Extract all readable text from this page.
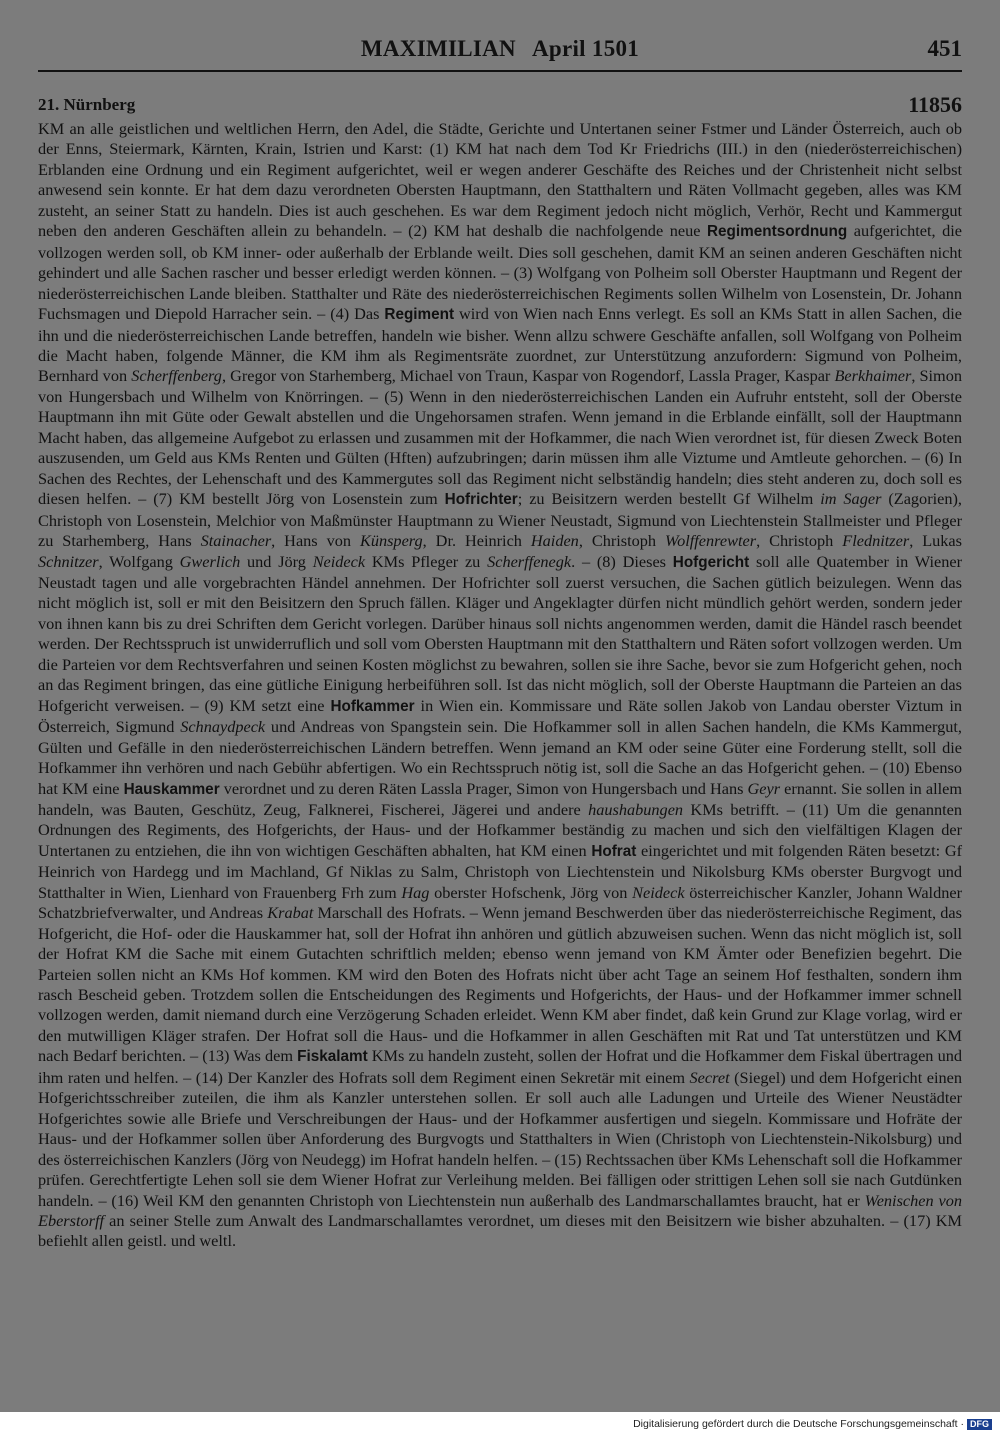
MAXIMILIAN April 1501	451
21. Nürnberg	11856

KM an alle geistlichen und weltlichen Herrn, den Adel, die Städte, Gerichte und Untertanen seiner Fstmer und Länder Österreich, auch ob der Enns, Steiermark, Kärnten, Krain, Istrien und Karst: (1) KM hat nach dem Tod Kr Friedrichs (III.) in den (niederösterreichischen) Erblanden eine Ordnung und ein Regiment aufgerichtet, weil er wegen anderer Geschäfte des Reiches und der Christenheit nicht selbst anwesend sein konnte. Er hat dem dazu verordneten Obersten Hauptmann, den Statthaltern und Räten Vollmacht gegeben, alles was KM zusteht, an seiner Statt zu handeln. Dies ist auch geschehen. Es war dem Regiment jedoch nicht möglich, Verhör, Recht und Kammergut neben den anderen Geschäften allein zu behandeln. – (2) KM hat deshalb die nachfolgende neue Regimentsordnung aufgerichtet, die vollzogen werden soll, ob KM inner- oder außerhalb der Erblande weilt. Dies soll geschehen, damit KM an seinen anderen Geschäften nicht gehindert und alle Sachen rascher und besser erledigt werden können. – (3) Wolfgang von Polheim soll Oberster Hauptmann und Regent der niederösterreichischen Lande bleiben. Statthalter und Räte des niederösterreichischen Regiments sollen Wilhelm von Losenstein, Dr. Johann Fuchsmagen und Diepold Harracher sein. – (4) Das Regiment wird von Wien nach Enns verlegt. Es soll an KMs Statt in allen Sachen, die ihn und die niederösterreichischen Lande betreffen, handeln wie bisher. Wenn allzu schwere Geschäfte anfallen, soll Wolfgang von Polheim die Macht haben, folgende Männer, die KM ihm als Regimentsräte zuordnet, zur Unterstützung anzufordern: Sigmund von Polheim, Bernhard von Scherffenberg, Gregor von Starhemberg, Michael von Traun, Kaspar von Rogendorf, Lassla Prager, Kaspar Berkhaimer, Simon von Hungersbach und Wilhelm von Knörringen. – (5) Wenn in den niederösterreichischen Landen ein Aufruhr entsteht, soll der Oberste Hauptmann ihn mit Güte oder Gewalt abstellen und die Ungehorsamen strafen. Wenn jemand in die Erblande einfällt, soll der Hauptmann Macht haben, das allgemeine Aufgebot zu erlassen und zusammen mit der Hofkammer, die nach Wien verordnet ist, für diesen Zweck Boten auszusenden, um Geld aus KMs Renten und Gülten (Hften) aufzubringen; darin müssen ihm alle Viztume und Amtleute gehorchen. – (6) In Sachen des Rechtes, der Lehenschaft und des Kammergutes soll das Regiment nicht selbständig handeln; dies steht anderen zu, doch soll es diesen helfen. – (7) KM bestellt Jörg von Losenstein zum Hofrichter; zu Beisitzern werden bestellt Gf Wilhelm im Sager (Zagorien), Christoph von Losenstein, Melchior von Maßmünster Hauptmann zu Wiener Neustadt, Sigmund von Liechtenstein Stallmeister und Pfleger zu Starhemberg, Hans Stainacher, Hans von Künsperg, Dr. Heinrich Haiden, Christoph Wolffenrewter, Christoph Flednitzer, Lukas Schnitzer, Wolfgang Gwerlich und Jörg Neideck KMs Pfleger zu Scherffenegk. – (8) Dieses Hofgericht soll alle Quatember in Wiener Neustadt tagen und alle vorgebrachten Händel annehmen. Der Hofrichter soll zuerst versuchen, die Sachen gütlich beizulegen. Wenn das nicht möglich ist, soll er mit den Beisitzern den Spruch fällen. Kläger und Angeklagter dürfen nicht mündlich gehört werden, sondern jeder von ihnen kann bis zu drei Schriften dem Gericht vorlegen. Darüber hinaus soll nichts angenommen werden, damit die Händel rasch beendet werden. Der Rechtsspruch ist unwiderruflich und soll vom Obersten Hauptmann mit den Statthaltern und Räten sofort vollzogen werden. Um die Parteien vor dem Rechtsverfahren und seinen Kosten möglichst zu bewahren, sollen sie ihre Sache, bevor sie zum Hofgericht gehen, noch an das Regiment bringen, das eine gütliche Einigung herbeiführen soll. Ist das nicht möglich, soll der Oberste Hauptmann die Parteien an das Hofgericht verweisen. – (9) KM setzt eine Hofkammer in Wien ein. Kommissare und Räte sollen Jakob von Landau oberster Viztum in Österreich, Sigmund Schnaydpeck und Andreas von Spangstein sein. Die Hofkammer soll in allen Sachen handeln, die KMs Kammergut, Gülten und Gefälle in den niederösterreichischen Ländern betreffen. Wenn jemand an KM oder seine Güter eine Forderung stellt, soll die Hofkammer ihn verhören und nach Gebühr abfertigen. Wo ein Rechtsspruch nötig ist, soll die Sache an das Hofgericht gehen. – (10) Ebenso hat KM eine Hauskammer verordnet und zu deren Räten Lassla Prager, Simon von Hungersbach und Hans Geyr ernannt. Sie sollen in allem handeln, was Bauten, Geschütz, Zeug, Falknerei, Fischerei, Jägerei und andere haushabungen KMs betrifft. – (11) Um die genannten Ordnungen des Regiments, des Hofgerichts, der Haus- und der Hofkammer beständig zu machen und sich den vielfältigen Klagen der Untertanen zu entziehen, die ihn von wichtigen Geschäften abhalten, hat KM einen Hofrat eingerichtet und mit folgenden Räten besetzt: Gf Heinrich von Hardegg und im Machland, Gf Niklas zu Salm, Christoph von Liechtenstein und Nikolsburg KMs oberster Burgvogt und Statthalter in Wien, Lienhard von Frauenberg Frh zum Hag oberster Hofschenk, Jörg von Neideck österreichischer Kanzler, Johann Waldner Schatzbriefverwalter, und Andreas Krabat Marschall des Hofrats. – Wenn jemand Beschwerden über das niederösterreichische Regiment, das Hofgericht, die Hof- oder die Hauskammer hat, soll der Hofrat ihn anhören und gütlich abzuweisen suchen. Wenn das nicht möglich ist, soll der Hofrat KM die Sache mit einem Gutachten schriftlich melden; ebenso wenn jemand von KM Ämter oder Benefizien begehrt. Die Parteien sollen nicht an KMs Hof kommen. KM wird den Boten des Hofrats nicht über acht Tage an seinem Hof festhalten, sondern ihm rasch Bescheid geben. Trotzdem sollen die Entscheidungen des Regiments und Hofgerichts, der Haus- und der Hofkammer immer schnell vollzogen werden, damit niemand durch eine Verzögerung Schaden erleidet. Wenn KM aber findet, daß kein Grund zur Klage vorlag, wird er den mutwilligen Kläger strafen. Der Hofrat soll die Haus- und die Hofkammer in allen Geschäften mit Rat und Tat unterstützen und KM nach Bedarf berichten. – (13) Was dem Fiskalamt KMs zu handeln zusteht, sollen der Hofrat und die Hofkammer dem Fiskal übertragen und ihm raten und helfen. – (14) Der Kanzler des Hofrats soll dem Regiment einen Sekretär mit einem Secret (Siegel) und dem Hofgericht einen Hofgerichtsschreiber zuteilen, die ihm als Kanzler unterstehen sollen. Er soll auch alle Ladungen und Urteile des Wiener Neustädter Hofgerichtes sowie alle Briefe und Verschreibungen der Haus- und der Hofkammer ausfertigen und siegeln. Kommissare und Hofräte der Haus- und der Hofkammer sollen über Anforderung des Burgvogts und Statthalters in Wien (Christoph von Liechtenstein-Nikolsburg) und des österreichischen Kanzlers (Jörg von Neudegg) im Hofrat handeln helfen. – (15) Rechtssachen über KMs Lehenschaft soll die Hofkammer prüfen. Gerechtfertigte Lehen soll sie dem Wiener Hofrat zur Verleihung melden. Bei fälligen oder strittigen Lehen soll sie nach Gutdünken handeln. – (16) Weil KM den genannten Christoph von Liechtenstein nun außerhalb des Landmarschallamtes braucht, hat er Wenischen von Eberstorff an seiner Stelle zum Anwalt des Landmarschallamtes verordnet, um dieses mit den Beisitzern wie bisher abzuhalten. – (17) KM befiehlt allen geistl. und weltl.

Digitalisierung gefördert durch die Deutsche Forschungsgemeinschaft · DFG
